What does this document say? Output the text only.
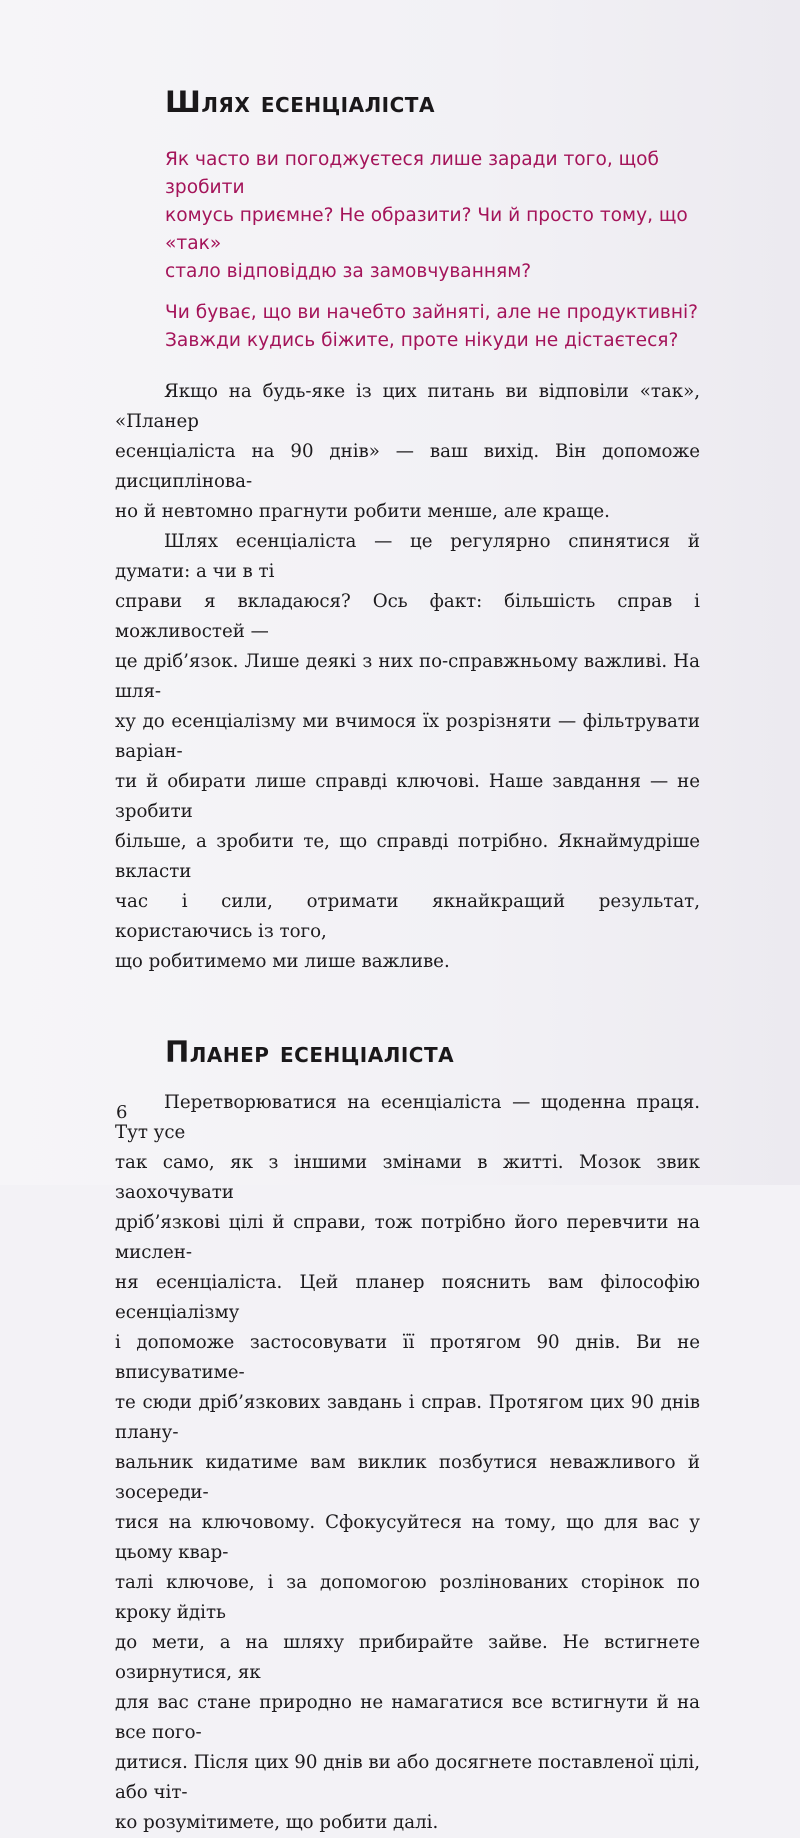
Шлях есенціаліста

Як часто ви погоджуєтеся лише заради того, щоб зробити
комусь приємне? Не образити? Чи й просто тому, що «так»
стало відповіддю за замовчуванням?

Чи буває, що ви начебто зайняті, але не продуктивні?
Завжди кудись біжите, проте нікуди не дістаєтеся?

Якщо на будь-яке із цих питань ви відповіли «так», «Планер
есенціаліста на 90 днів» — ваш вихід. Він допоможе дисциплінова-
но й невтомно прагнути робити менше, але краще.

Шлях есенціаліста — це регулярно спинятися й думати: а чи в ті
справи я вкладаюся? Ось факт: більшість справ і можливостей —
це дріб’язок. Лише деякі з них по-справжньому важливі. На шля-
ху до есенціалізму ми вчимося їх розрізняти — фільтрувати варіан-
ти й обирати лише справді ключові. Наше завдання — не зробити
більше, а зробити те, що справді потрібно. Якнаймудріше вкласти
час і сили, отримати якнайкращий результат, користаючись із того,
що робитимемо ми лише важливе.

Планер есенціаліста

Перетворюватися на есенціаліста — щоденна праця. Тут усе
так само, як з іншими змінами в житті. Мозок звик заохочувати
дріб’язкові цілі й справи, тож потрібно його перевчити на мислен-
ня есенціаліста. Цей планер пояснить вам філософію есенціалізму
і допоможе застосовувати її протягом 90 днів. Ви не вписуватиме-
те сюди дріб’язкових завдань і справ. Протягом цих 90 днів плану-
вальник кидатиме вам виклик позбутися неважливого й зосереди-
тися на ключовому. Сфокусуйтеся на тому, що для вас у цьому квар-
талі ключове, і за допомогою розлінованих сторінок по кроку йдіть
до мети, а на шляху прибирайте зайве. Не встигнете озирнутися, як
для вас стане природно не намагатися все встигнути й на все пого-
дитися. Після цих 90 днів ви або досягнете поставленої цілі, або чіт-
ко розумітимете, що робити далі.

6
